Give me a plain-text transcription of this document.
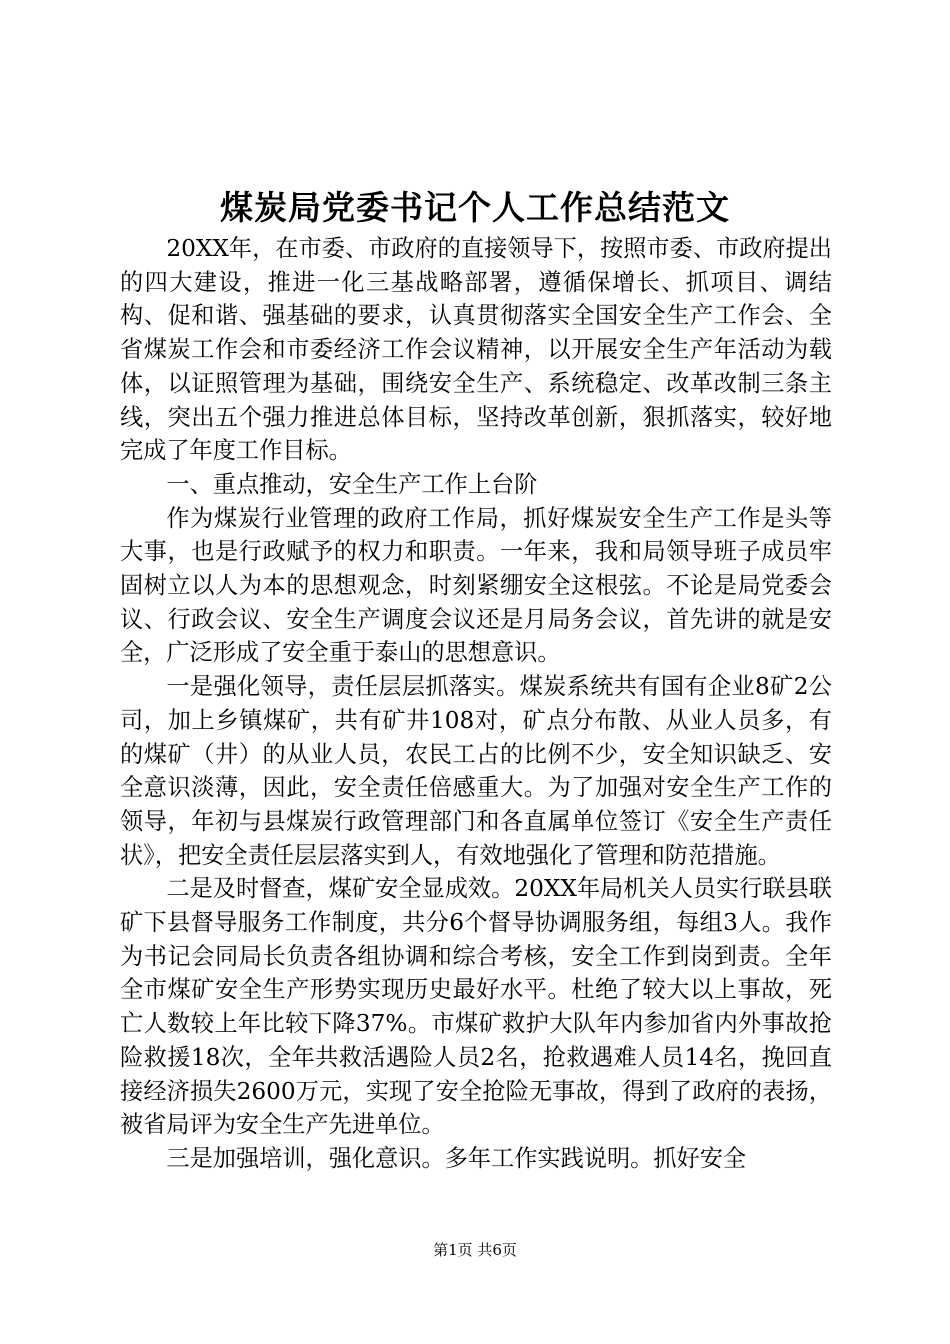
煤炭局党委书记个人工作总结范文

20XX年，在市委、市政府的直接领导下，按照市委、市政府提出的四大建设，推进一化三基战略部署，遵循保增长、抓项目、调结构、促和谐、强基础的要求，认真贯彻落实全国安全生产工作会、全省煤炭工作会和市委经济工作会议精神，以开展安全生产年活动为载体，以证照管理为基础，围绕安全生产、系统稳定、改革改制三条主线，突出五个强力推进总体目标，坚持改革创新，狠抓落实，较好地完成了年度工作目标。

一、重点推动，安全生产工作上台阶

作为煤炭行业管理的政府工作局，抓好煤炭安全生产工作是头等大事，也是行政赋予的权力和职责。一年来，我和局领导班子成员牢固树立以人为本的思想观念，时刻紧绷安全这根弦。不论是局党委会议、行政会议、安全生产调度会议还是月局务会议，首先讲的就是安全，广泛形成了安全重于泰山的思想意识。

一是强化领导，责任层层抓落实。煤炭系统共有国有企业8矿2公司，加上乡镇煤矿，共有矿井108对，矿点分布散、从业人员多，有的煤矿（井）的从业人员，农民工占的比例不少，安全知识缺乏、安全意识淡薄，因此，安全责任倍感重大。为了加强对安全生产工作的领导，年初与县煤炭行政管理部门和各直属单位签订《安全生产责任状》，把安全责任层层落实到人，有效地强化了管理和防范措施。

二是及时督查，煤矿安全显成效。20XX年局机关人员实行联县联矿下县督导服务工作制度，共分6个督导协调服务组，每组3人。我作为书记会同局长负责各组协调和综合考核，安全工作到岗到责。全年全市煤矿安全生产形势实现历史最好水平。杜绝了较大以上事故，死亡人数较上年比较下降37%。市煤矿救护大队年内参加省内外事故抢险救援18次，全年共救活遇险人员2名，抢救遇难人员14名，挽回直接经济损失2600万元，实现了安全抢险无事故，得到了政府的表扬，被省局评为安全生产先进单位。

三是加强培训，强化意识。多年工作实践说明。抓好安全

第1页 共6页
